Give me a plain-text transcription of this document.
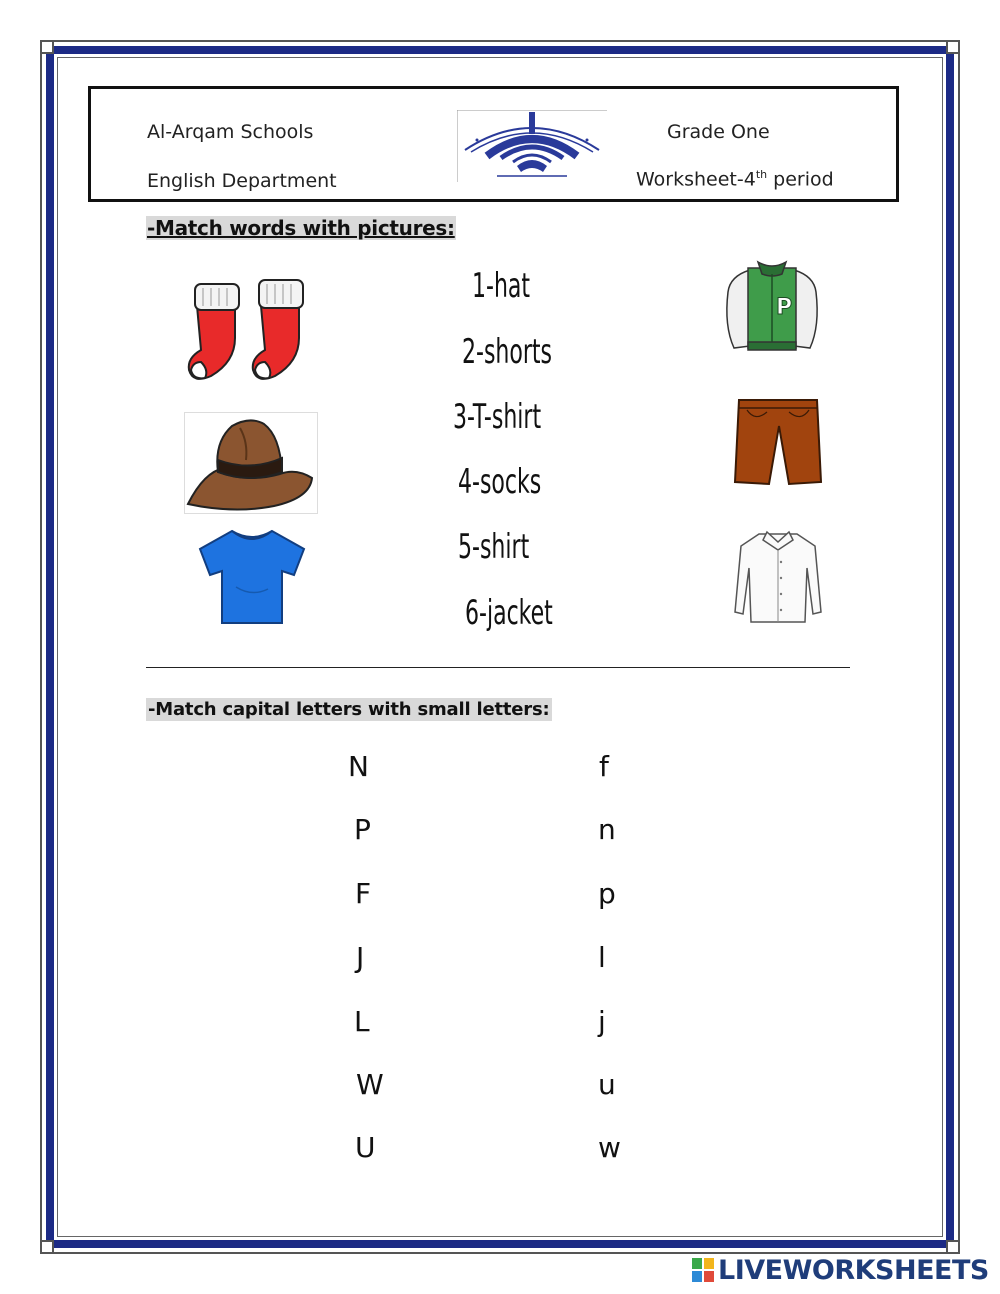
Al-Arqam Schools
English Department
Grade One
Worksheet-4th period
-Match words with pictures:
1-hat
2-shorts
3-T-shirt
4-socks
5-shirt
6-jacket
P
-Match capital letters with small letters:
N
P
F
J
L
W
U
f
n
p
l
j
u
w
LIVEWORKSHEETS
